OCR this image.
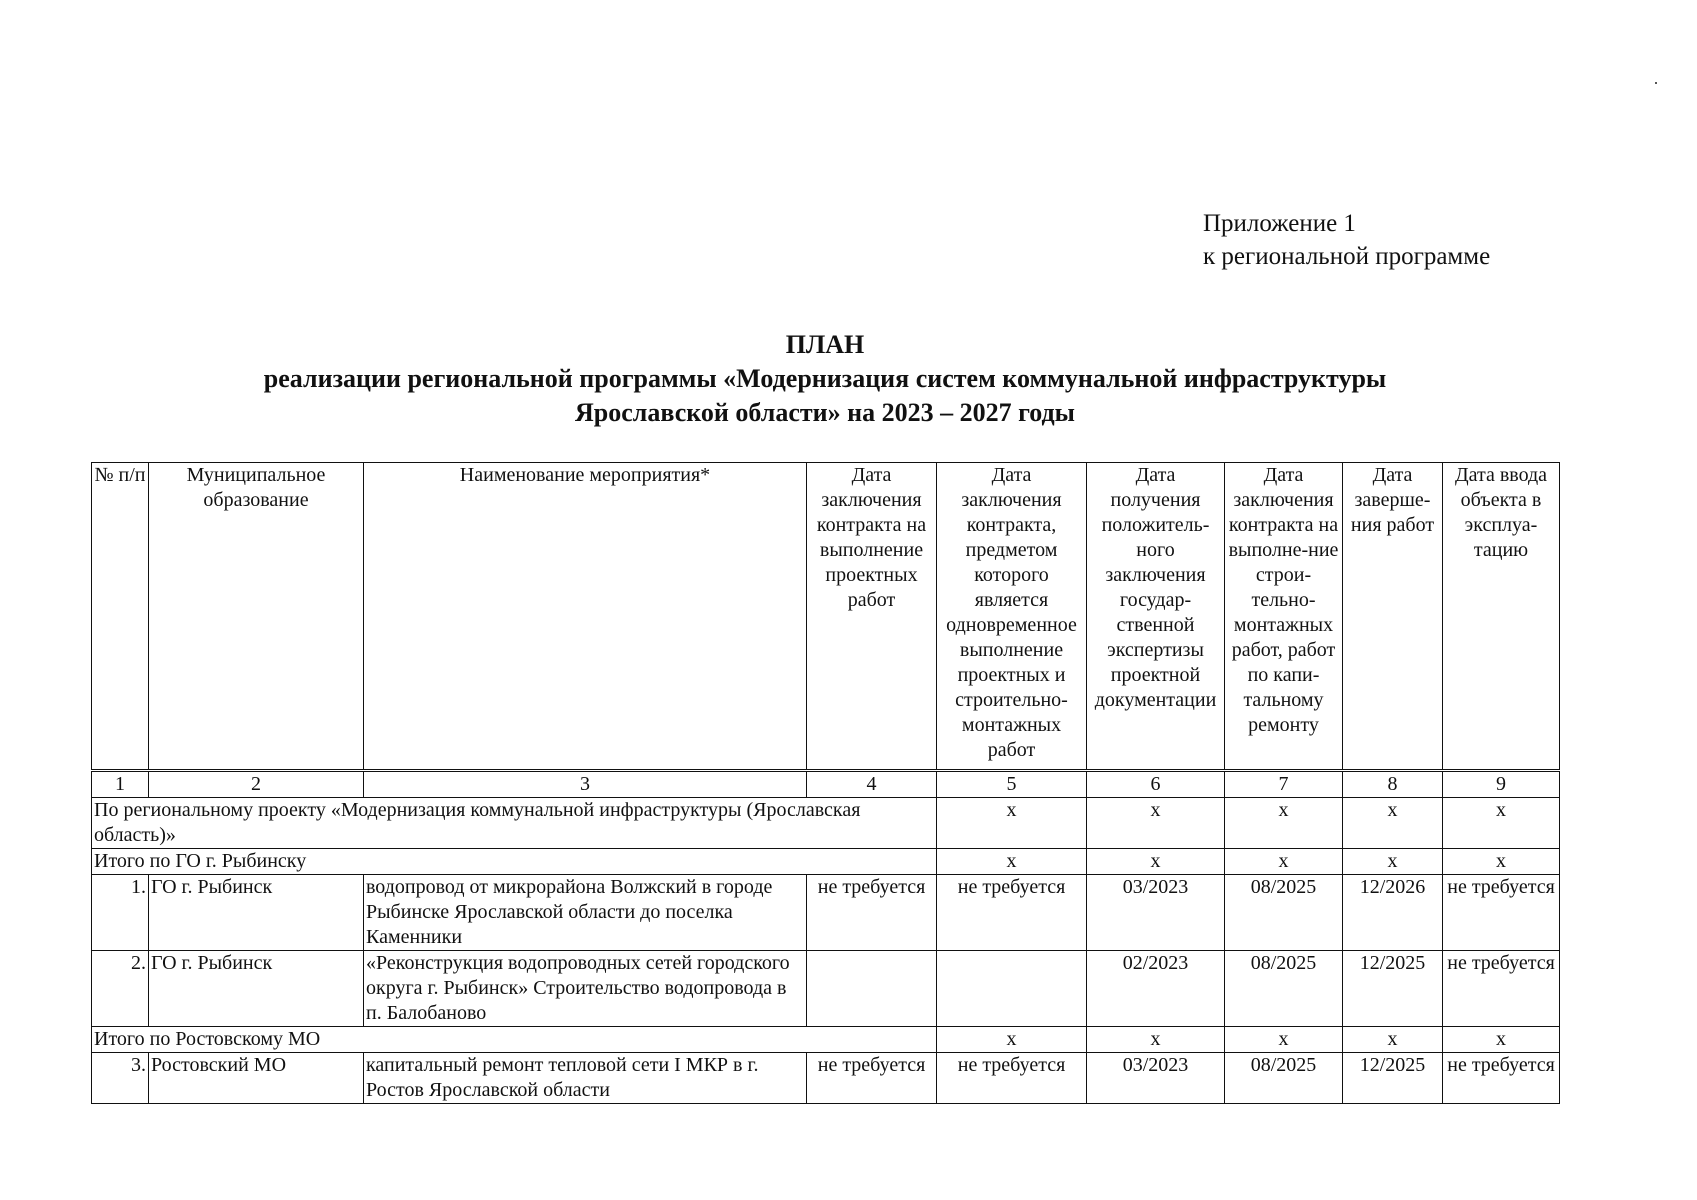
Приложение 1
к региональной программе
ПЛАН
реализации региональной программы «Модернизация систем коммунальной инфраструктуры
Ярославской области» на 2023 – 2027 годы
№ п/п	Муниципальное образование	Наименование мероприятия*	Дата заключения контракта на выполнение проектных работ	Дата заключения контракта, предметом которого является одновременное выполнение проектных и строительно-монтажных работ	Дата получения положитель-ного заключения государ-ственной экспертизы проектной документации	Дата заключения контракта на выполне-ние строи-тельно-монтажных работ, работ по капи-тальному ремонту	Дата заверше-ния работ	Дата ввода объекта в эксплуа-тацию
1	2	3	4	5	6	7	8	9
По региональному проекту «Модернизация коммунальной инфраструктуры (Ярославская область)»				х	х	х	х	х
Итого по ГО г. Рыбинску				х	х	х	х	х
1.	ГО г. Рыбинск	водопровод от микрорайона Волжский в городе Рыбинске Ярославской области до поселка Каменники	не требуется	не требуется	03/2023	08/2025	12/2026	не требуется
2.	ГО г. Рыбинск	«Реконструкция водопроводных сетей городского округа г. Рыбинск» Строительство водопровода в п. Балобаново			02/2023	08/2025	12/2025	не требуется
Итого по Ростовскому МО				х	х	х	х	х
3.	Ростовский МО	капитальный ремонт тепловой сети I МКР в г. Ростов Ярославской области	не требуется	не требуется	03/2023	08/2025	12/2025	не требуется
